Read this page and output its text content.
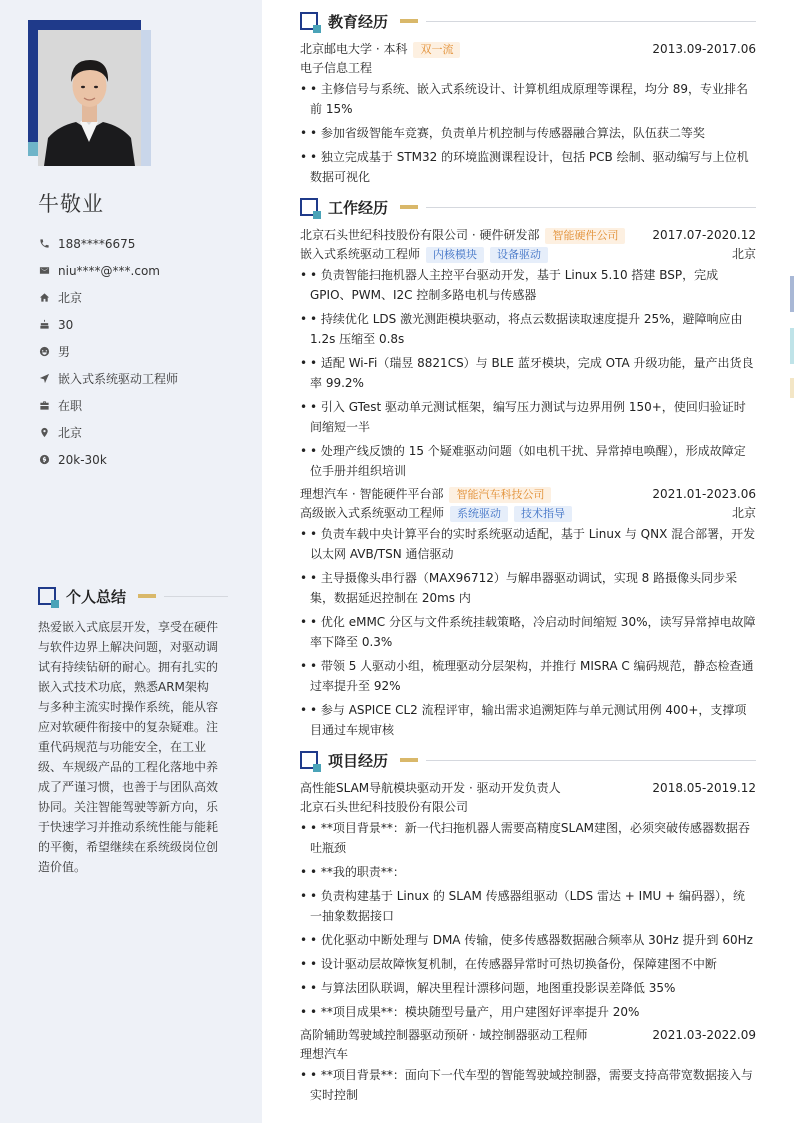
牛敬业
188****6675
niu****@***.com
北京
30
男
嵌入式系统驱动工程师
在职
北京
20k-30k
个人总结
热爱嵌入式底层开发，享受在硬件与软件边界上解决问题，对驱动调试有持续钻研的耐心。拥有扎实的嵌入式技术功底，熟悉ARM架构与多种主流实时操作系统，能从容应对软硬件衔接中的复杂疑难。注重代码规范与功能安全，在工业级、车规级产品的工程化落地中养成了严谨习惯，也善于与团队高效协同。关注智能驾驶等新方向，乐于快速学习并推动系统性能与能耗的平衡，希望继续在系统级岗位创造价值。
教育经历
北京邮电大学 · 本科	双一流	2013.09-2017.06
电子信息工程
• • 主修信号与系统、嵌入式系统设计、计算机组成原理等课程，均分 89，专业排名前 15%
• • 参加省级智能车竞赛，负责单片机控制与传感器融合算法，队伍获二等奖
• • 独立完成基于 STM32 的环境监测课程设计，包括 PCB 绘制、驱动编写与上位机数据可视化
工作经历
北京石头世纪科技股份有限公司 · 硬件研发部	智能硬件公司	2017.07-2020.12
嵌入式系统驱动工程师	内核模块	设备驱动	北京
• • 负责智能扫拖机器人主控平台驱动开发，基于 Linux 5.10 搭建 BSP，完成 GPIO、PWM、I2C 控制多路电机与传感器
• • 持续优化 LDS 激光测距模块驱动，将点云数据读取速度提升 25%，避障响应由 1.2s 压缩至 0.8s
• • 适配 Wi-Fi（瑞昱 8821CS）与 BLE 蓝牙模块，完成 OTA 升级功能，量产出货良率 99.2%
• • 引入 GTest 驱动单元测试框架，编写压力测试与边界用例 150+，使回归验证时间缩短一半
• • 处理产线反馈的 15 个疑难驱动问题（如电机干扰、异常掉电唤醒），形成故障定位手册并组织培训
理想汽车 · 智能硬件平台部	智能汽车科技公司	2021.01-2023.06
高级嵌入式系统驱动工程师	系统驱动	技术指导	北京
• • 负责车载中央计算平台的实时系统驱动适配，基于 Linux 与 QNX 混合部署，开发以太网 AVB/TSN 通信驱动
• • 主导摄像头串行器（MAX96712）与解串器驱动调试，实现 8 路摄像头同步采集，数据延迟控制在 20ms 内
• • 优化 eMMC 分区与文件系统挂载策略，冷启动时间缩短 30%，读写异常掉电故障率下降至 0.3%
• • 带领 5 人驱动小组，梳理驱动分层架构，并推行 MISRA C 编码规范，静态检查通过率提升至 92%
• • 参与 ASPICE CL2 流程评审，输出需求追溯矩阵与单元测试用例 400+，支撑项目通过车规审核
项目经历
高性能SLAM导航模块驱动开发 · 驱动开发负责人	2018.05-2019.12
北京石头世纪科技股份有限公司
• • **项目背景**：新一代扫拖机器人需要高精度SLAM建图，必须突破传感器数据吞吐瓶颈
• • **我的职责**：
• • 负责构建基于 Linux 的 SLAM 传感器组驱动（LDS 雷达 + IMU + 编码器），统一抽象数据接口
• • 优化驱动中断处理与 DMA 传输，使多传感器数据融合频率从 30Hz 提升到 60Hz
• • 设计驱动层故障恢复机制，在传感器异常时可热切换备份，保障建图不中断
• • 与算法团队联调，解决里程计漂移问题，地图重投影误差降低 35%
• • **项目成果**：模块随型号量产，用户建图好评率提升 20%
高阶辅助驾驶域控制器驱动预研 · 域控制器驱动工程师	2021.03-2022.09
理想汽车
• • **项目背景**：面向下一代车型的智能驾驶域控制器，需要支持高带宽数据接入与实时控制
